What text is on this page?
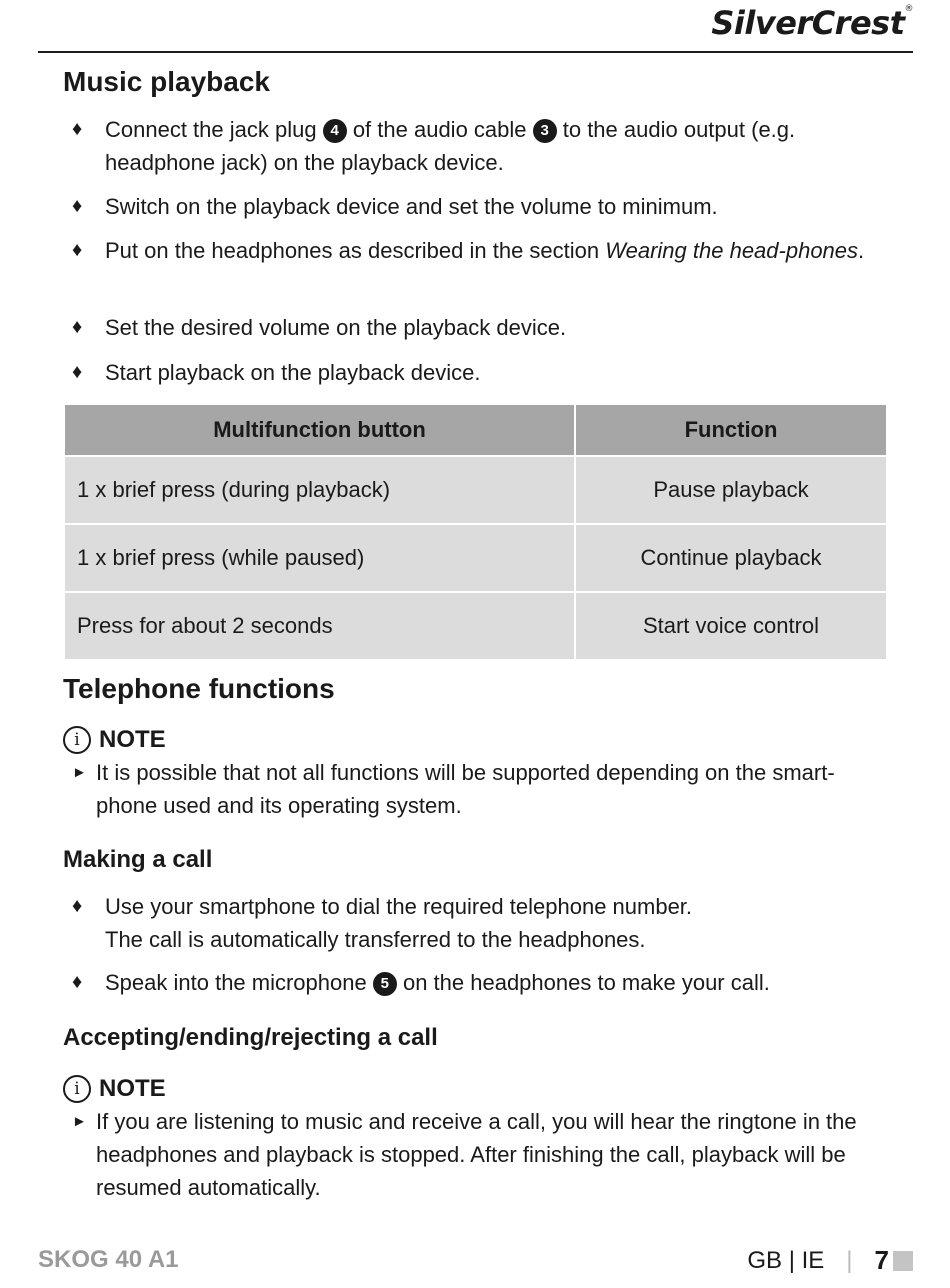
SilverCrest®
Music playback
♦ Connect the jack plug 4 of the audio cable 3 to the audio output (e.g. headphone jack) on the playback device.
♦ Switch on the playback device and set the volume to minimum.
♦ Put on the headphones as described in the section Wearing the head-phones.
♦ Set the desired volume on the playback device.
♦ Start playback on the playback device.
Multifunction button	Function
1 x brief press (during playback)	Pause playback
1 x brief press (while paused)	Continue playback
Press for about 2 seconds	Start voice control
Telephone functions
i NOTE
► It is possible that not all functions will be supported depending on the smart-phone used and its operating system.
Making a call
♦ Use your smartphone to dial the required telephone number.
The call is automatically transferred to the headphones.
♦ Speak into the microphone 5 on the headphones to make your call.
Accepting/ending/rejecting a call
i NOTE
► If you are listening to music and receive a call, you will hear the ringtone in the headphones and playback is stopped. After finishing the call, playback will be resumed automatically.
SKOG 40 A1	GB | IE | 7
